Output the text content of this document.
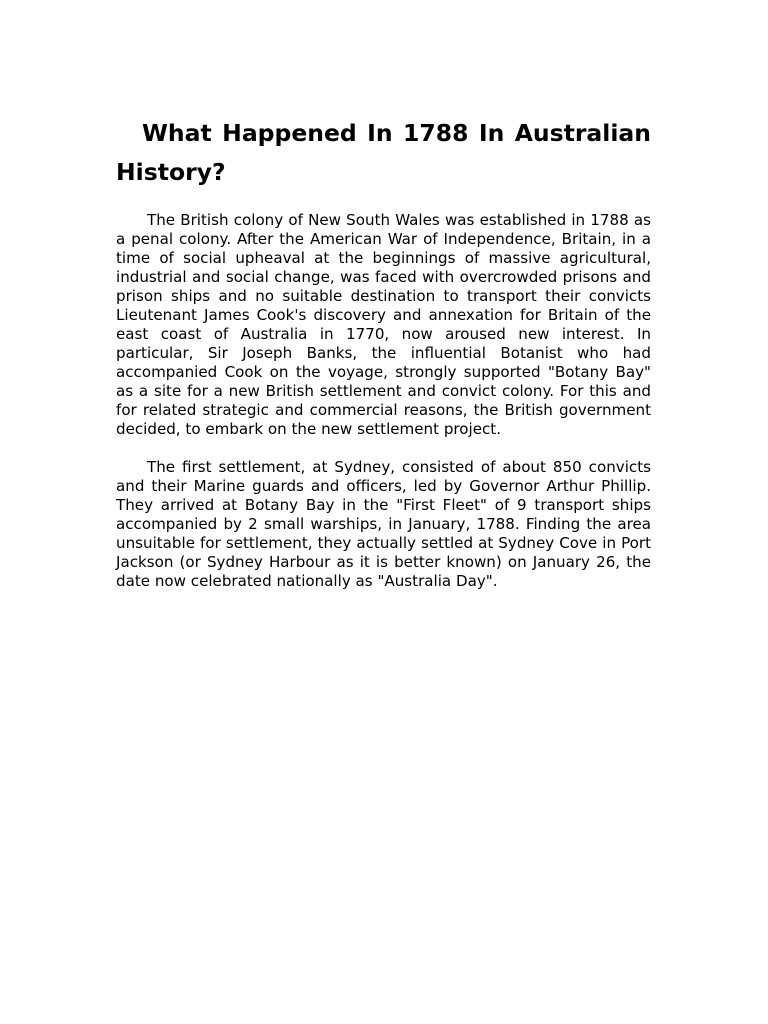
What Happened In 1788 In Australian History?

The British colony of New South Wales was established in 1788 as a penal colony. After the American War of Independence, Britain, in a time of social upheaval at the beginnings of massive agricultural, industrial and social change, was faced with overcrowded prisons and prison ships and no suitable destination to transport their convicts Lieutenant James Cook's discovery and annexation for Britain of the east coast of Australia in 1770, now aroused new interest. In particular, Sir Joseph Banks, the influential Botanist who had accompanied Cook on the voyage, strongly supported "Botany Bay" as a site for a new British settlement and convict colony. For this and for related strategic and commercial reasons, the British government decided, to embark on the new settlement project.

The first settlement, at Sydney, consisted of about 850 convicts and their Marine guards and officers, led by Governor Arthur Phillip. They arrived at Botany Bay in the "First Fleet" of 9 transport ships accompanied by 2 small warships, in January, 1788. Finding the area unsuitable for settlement, they actually settled at Sydney Cove in Port Jackson (or Sydney Harbour as it is better known) on January 26, the date now celebrated nationally as "Australia Day".
